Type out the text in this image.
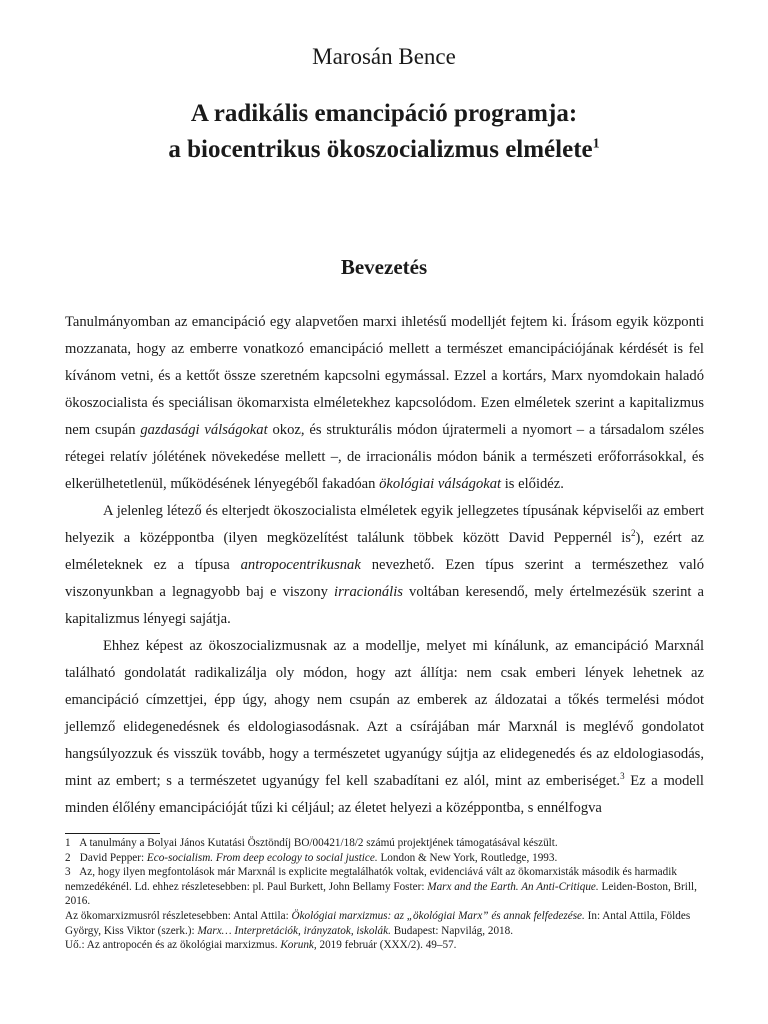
Marosán Bence
A radikális emancipáció programja:
a biocentrikus ökoszocializmus elmélete$^1$
Bevezetés

Tanulmányomban az emancipáció egy alapvetően marxi ihletésű modelljét fejtem ki. Írásom egyik központi mozzanata, hogy az emberre vonatkozó emancipáció mellett a természet emancipációjának kérdését is fel kívánom vetni, és a kettőt össze szeretném kapcsolni egymással. Ezzel a kortárs, Marx nyomdokain haladó ökoszocialista és speciálisan ökomarxista elméletekhez kapcsolódom. Ezen elméletek szerint a kapitalizmus nem csupán gazdasági válságokat okoz, és strukturális módon újratermeli a nyomort – a társadalom széles rétegei relatív jólétének növekedése mellett –, de irracionális módon bánik a természeti erőforrásokkal, és elkerülhetetlenül, működésének lényegéből fakadóan ökológiai válságokat is előidéz.

A jelenleg létező és elterjedt ökoszocialista elméletek egyik jellegzetes típusának képviselői az embert helyezik a középpontba (ilyen megközelítést találunk többek között David Peppernél $is^2$), ezért az elméleteknek ez a típusa antropocentrikusnak nevezhető. Ezen típus szerint a természethez való viszonyunkban a legnagyobb baj e viszony irracionális voltában keresendő, mely értelmezésük szerint a kapitalizmus lényegi sajátja.

Ehhez képest az ökoszocializmusnak az a modellje, melyet mi kínálunk, az emancipáció Marxnál található gondolatát radikalizálja oly módon, hogy azt állítja: nem csak emberi lények lehetnek az emancipáció címzettjei, épp úgy, ahogy nem csupán az emberek az áldozatai a tőkés termelési módot jellemző elidegenedésnek és eldologiasodásnak. Azt a csírájában már Marxnál is meglévő gondolatot hangsúlyozzuk és visszük tovább, hogy a természetet ugyanúgy sújtja az elidegenedés és az eldologiasodás, mint az embert; s a természetet ugyanúgy fel kell szabadítani ez alól, mint az emberiséget.$^3$ Ez a modell minden élőlény emancipációját tűzi ki céljául; az életet helyezi a középpontba, s ennélfogva

1 A tanulmány a Bolyai János Kutatási Ösztöndíj BO/00421/18/2 számú projektjének támogatásával készült.

2 David Pepper: Eco-socialism. From deep ecology to social justice. London & New York, Routledge, 1993.

3 Az, hogy ilyen megfontolások már Marxnál is explicite megtalálhatók voltak, evidenciává vált az ökomarxisták második és harmadik nemzedékénél. Ld. ehhez részletesebben: pl. Paul Burkett, John Bellamy Foster: Marx and the Earth. An Anti-Critique. Leiden-Boston, Brill, 2016.

Az ökomarxizmusról részletesebben: Antal Attila: Ökológiai marxizmus: az „ökológiai Marx” és annak felfedezése. In: Antal Attila, Földes György, Kiss Viktor (szerk.): Marx… Interpretációk, irányzatok, iskolák. Budapest: Napvilág, 2018.

Uő.: Az antropocén és az ökológiai marxizmus. Korunk, 2019 február (XXX/2). 49–57.
